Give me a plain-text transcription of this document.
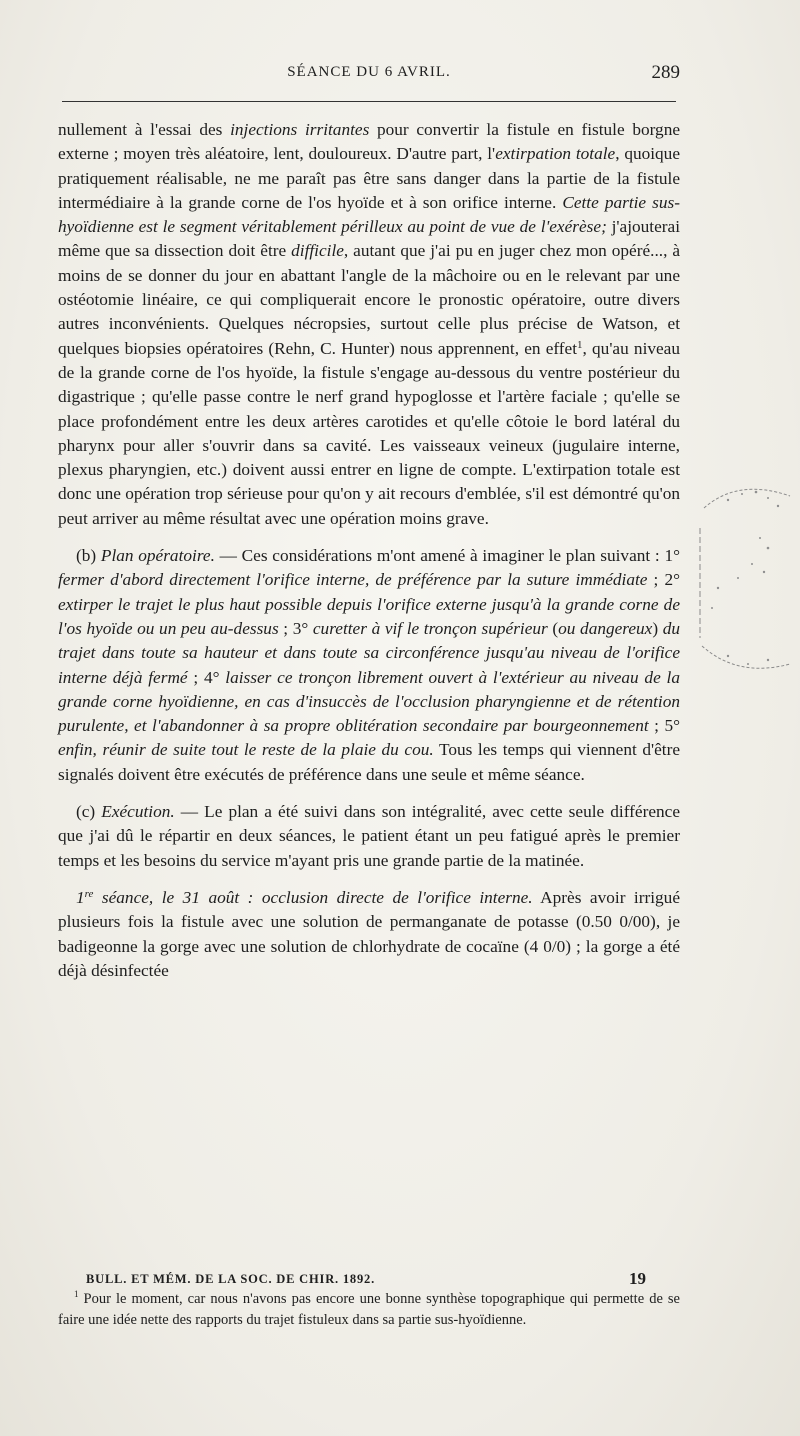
SÉANCE DU 6 AVRIL.	289

nullement à l'essai des injections irritantes pour convertir la fistule en fistule borgne externe ; moyen très aléatoire, lent, douloureux. D'autre part, l'extirpation totale, quoique pratiquement réalisable, ne me paraît pas être sans danger dans la partie de la fistule intermédiaire à la grande corne de l'os hyoïde et à son orifice interne. Cette partie sus-hyoïdienne est le segment véritablement périlleux au point de vue de l'exérèse; j'ajouterai même que sa dissection doit être difficile, autant que j'ai pu en juger chez mon opéré..., à moins de se donner du jour en abattant l'angle de la mâchoire ou en le relevant par une ostéotomie linéaire, ce qui compliquerait encore le pronostic opératoire, outre divers autres inconvénients. Quelques nécropsies, surtout celle plus précise de Watson, et quelques biopsies opératoires (Rehn, C. Hunter) nous apprennent, en effet$^1$, qu'au niveau de la grande corne de l'os hyoïde, la fistule s'engage au-dessous du ventre postérieur du digastrique ; qu'elle passe contre le nerf grand hypoglosse et l'artère faciale ; qu'elle se place profondément entre les deux artères carotides et qu'elle côtoie le bord latéral du pharynx pour aller s'ouvrir dans sa cavité. Les vaisseaux veineux (jugulaire interne, plexus pharyngien, etc.) doivent aussi entrer en ligne de compte. L'extirpation totale est donc une opération trop sérieuse pour qu'on y ait recours d'emblée, s'il est démontré qu'on peut arriver au même résultat avec une opération moins grave.

(b) Plan opératoire. — Ces considérations m'ont amené à imaginer le plan suivant : 1° fermer d'abord directement l'orifice interne, de préférence par la suture immédiate ; 2° extirper le trajet le plus haut possible depuis l'orifice externe jusqu'à la grande corne de l'os hyoïde ou un peu au-dessus ; 3° curetter à vif le tronçon supérieur (ou dangereux) du trajet dans toute sa hauteur et dans toute sa circonférence jusqu'au niveau de l'orifice interne déjà fermé ; 4° laisser ce tronçon librement ouvert à l'extérieur au niveau de la grande corne hyoïdienne, en cas d'insuccès de l'occlusion pharyngienne et de rétention purulente, et l'abandonner à sa propre oblitération secondaire par bourgeonnement ; 5° enfin, réunir de suite tout le reste de la plaie du cou. Tous les temps qui viennent d'être signalés doivent être exécutés de préférence dans une seule et même séance.

(c) Exécution. — Le plan a été suivi dans son intégralité, avec cette seule différence que j'ai dû le répartir en deux séances, le patient étant un peu fatigué après le premier temps et les besoins du service m'ayant pris une grande partie de la matinée.

1re séance, le 31 août : occlusion directe de l'orifice interne. Après avoir irrigué plusieurs fois la fistule avec une solution de permanganate de potasse (0.50 0/00), je badigeonne la gorge avec une solution de chlorhydrate de cocaïne (4 0/0) ; la gorge a été déjà désinfectée

BULL. ET MÉM. DE LA SOC. DE CHIR. 1892.	19
$^1$ Pour le moment, car nous n'avons pas encore une bonne synthèse topographique qui permette de se faire une idée nette des rapports du trajet fistuleux dans sa partie sus-hyoïdienne.
